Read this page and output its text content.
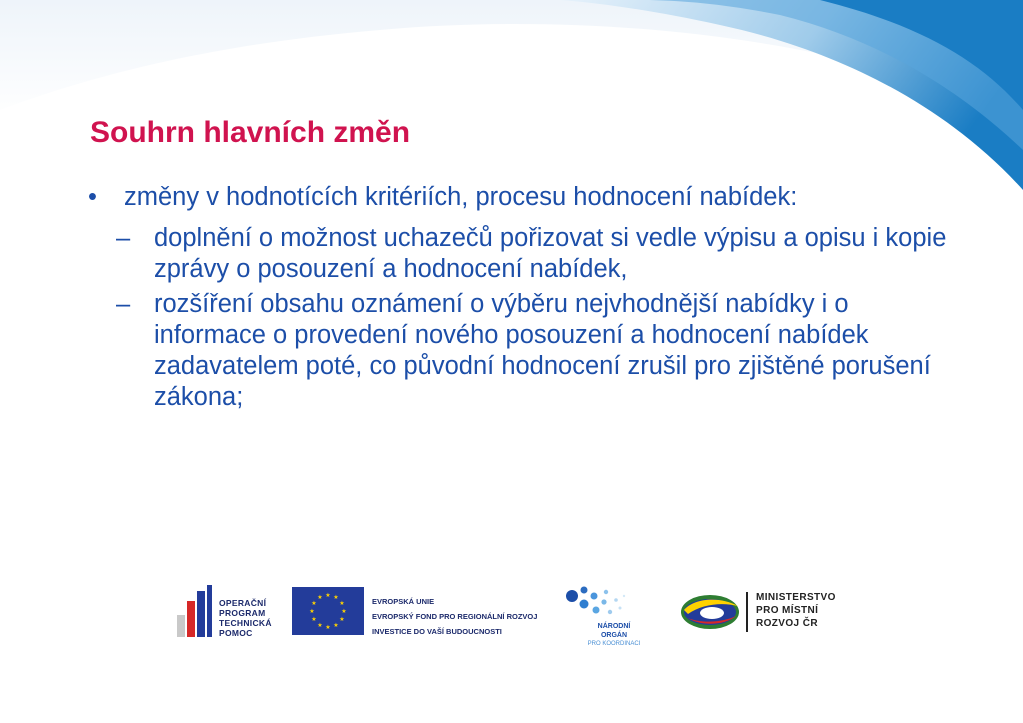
Souhrn hlavních změn
• změny v hodnotících kritériích, procesu hodnocení nabídek:
– doplnění o možnost uchazečů pořizovat si vedle výpisu a opisu i kopie zprávy o posouzení a hodnocení nabídek,
– rozšíření obsahu oznámení o výběru nejvhodnější nabídky i o informace o provedení nového posouzení a hodnocení nabídek zadavatelem poté, co původní hodnocení zrušil pro zjištěné porušení zákona;
OPERAČNÍ
PROGRAM
TECHNICKÁ
POMOC
★ ★
★
★
★
★
★
★
★
★
★
★	EVROPSKÁ UNIE
EVROPSKÝ FOND PRO REGIONÁLNÍ ROZVOJ
INVESTICE DO VAŠÍ BUDOUCNOSTI
NÁRODNÍ ORGÁN
PRO KOORDINACI
MINISTERSTVO
PRO MÍSTNÍ
ROZVOJ ČR
